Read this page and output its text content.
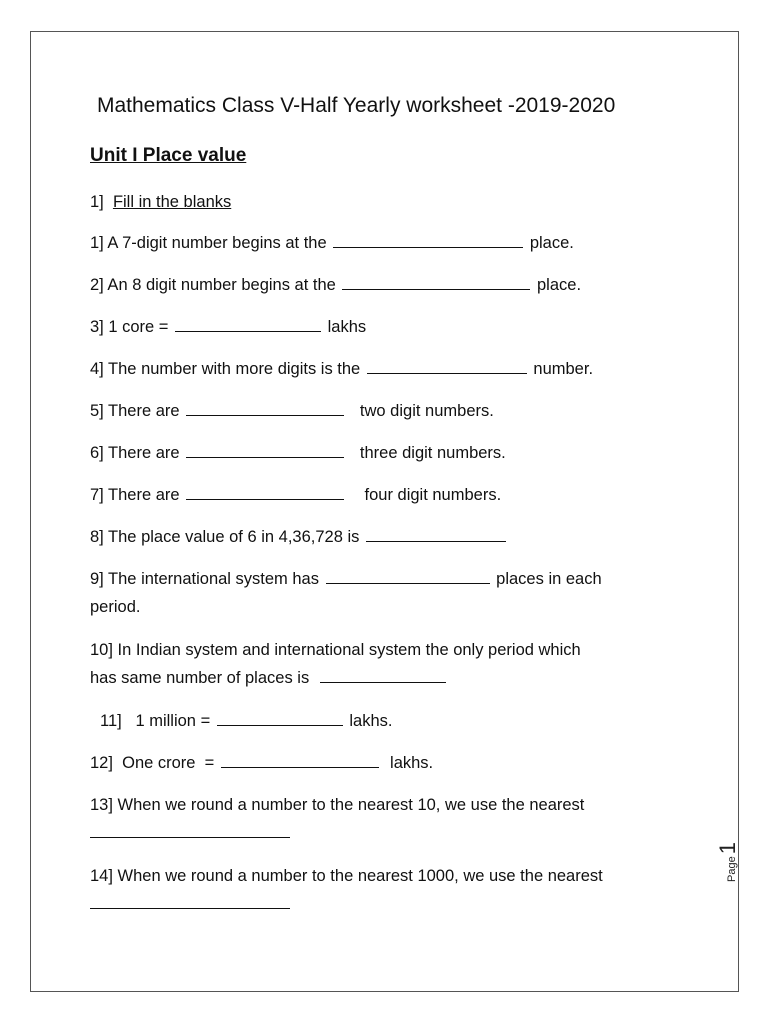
Mathematics Class V-Half Yearly worksheet -2019-2020
Unit I Place value
1] Fill in the blanks
1] A 7-digit number begins at the	place.
2] An 8 digit number begins at the	place.
3] 1 core =	lakhs
4] The number with more digits is the	number.
5] There are	two digit numbers.
6] There are	three digit numbers.
7] There are	four digit numbers.
8] The place value of 6 in 4,36,728 is
9] The international system has	places in each
period.
10] In Indian system and international system the only period which
has same number of places is
11]   1 million =	lakhs.
12]  One crore  =	lakhs.
13] When we round a number to the nearest 10, we use the nearest

14] When we round a number to the nearest 1000, we use the nearest	Page1
